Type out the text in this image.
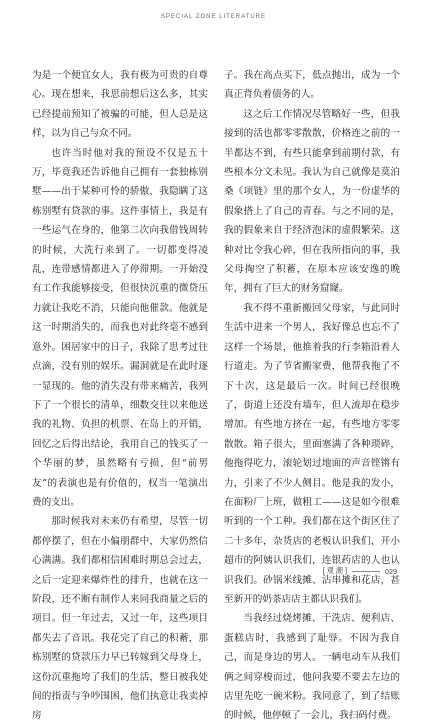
SPECIAL ZONE LITERATURE

为是一个便宜女人，我有极为可贵的自尊心。现在想来，我思前想后这么多，其实已经提前预知了被骗的可能，但人总是这样，以为自己与众不同。

也许当时他对我的预设不仅是五十万，毕竟我还告诉他自己拥有一套独栋别墅——出于某种可怜的骄傲，我隐瞒了这栋别墅有贷款的事。这件事情上，我是有一些运气在身的，他第二次向我借钱周转的时候，大洗行来到了。一切都变得凌乱，连带感情都进入了停滞期。一开始没有工作我能够接受，但很快沉重的微贷压力就让我吃不消，只能向他催款。他就是这一时期消失的，而我也对此终毫不感到意外。困居家中的日子，我除了思考过往点滴，没有别的娱乐。漏洞就是在此时逐一显现的。他的消失没有带来痛苦，我列下了一个很长的清单，细数交往以来他送我的礼物、负担的机票、在岛上的开销，回忆之后得出结论，我用自己的钱买了一个华丽的梦，虽然略有亏损，但“前男友”的表演也是有价值的，权当一笔演出费的支出。

那时候我对未来仍有希望，尽管一切都停摆了，但在小偏朋群中，大家仍然信心满满。我们都相信困难时期总会过去，之后一定迎来爆炸性的排升，也就在这一阶段，还不断有制作人来同我商量之后的项目。但一年过去，又过一年，这些项目都失去了音讯。我花完了自己的积蓄，那栋别墅的贷款压力早已转嫁到父母身上，这份沉重拖垮了我们的生活，整日被我处间的指责与争吵围困，他们执意让我卖掉房

子。我在高点买下，低点抛出，成为一个真正背负着债务的人。

这之后工作情况尽管略好一些，但我接到的活也都零零散散，价格连之前的一半都达不到，有些只能拿到前期付款，有些根本分文未见。我认为自己就像是莫泊桑《项链》里的那个女人，为一份虚华的假象搭上了自己的青春。与之不同的是，我的假象来自于经济泡沫的虚假繁荣。这种对比令我心碎，但在我所指向的事，我父母掏空了积蓄，在原本应该安逸的晚年，拥有了巨大的财务窟窿。

我不得不重新搬回父母家，与此同时生活中进来一个男人，我好像总也忘不了这样一个场景，他推着我的行李箱沿着人行道走。为了节省搬家费，他帮我拖了不下十次，这是最后一次。时间已经很晚了，街道上还没有墙车，但人流却在稳步增加。有些地方挤在一起，有些地方零零散散。箱子很大，里面塞满了各种琐碎，他拖得吃力，滚轮划过地面的声音铿锵有力，引来了不少人侧目。他是我的发小，在面粉厂上班，做粗工——这是如今很难听到的一个工种。我们都在这个街区住了二十多年，杂货店的老板认识我们，开小超市的阿姨认识我们，连银药店的人也认识我们。砂锅米线摊、沾串摊和花店，甚至新开的奶茶店店主都认识我们。

当我经过烧烤摊、干洗店、便利店、蛋糕店时，我感到了耻辱。不因为我自己，而是身边的男人。一辆电动车从我们俩之间穿梭而过，他问我要不要去左边的店里先吃一碗米粉。我同意了，到了结账的时候，他停顿了一会儿，我扫码付费。

[ 观 潮 ]	029
